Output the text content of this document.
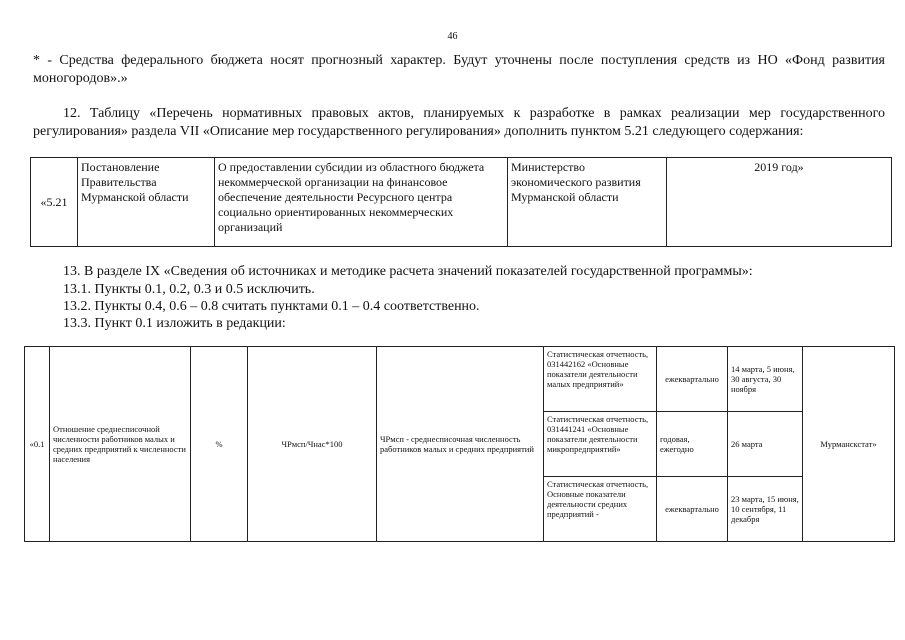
46
* - Средства федерального бюджета носят прогнозный характер. Будут уточнены после поступления средств из НО «Фонд развития моногородов».»
12. Таблицу «Перечень нормативных правовых актов, планируемых к разработке в рамках реализации мер государственного регулирования» раздела VII «Описание мер государственного регулирования» дополнить пунктом 5.21 следующего содержания:
«5.21	Постановление Правительства Мурманской области	О предоставлении субсидии из областного бюджета некоммерческой организации на финансовое обеспечение деятельности Ресурсного центра социально ориентированных некоммерческих организаций	Министерство экономического развития Мурманской области	2019 год»
13. В разделе IX «Сведения об источниках и методике расчета значений показателей государственной программы»:
13.1. Пункты 0.1, 0.2, 0.3 и 0.5 исключить.
13.2. Пункты 0.4, 0.6 – 0.8 считать пунктами 0.1 – 0.4 соответственно.
13.3. Пункт 0.1 изложить в редакции:
«0.1	Отношение среднесписочной численности работников малых и средних предприятий к численности населения	%	ЧРмсп/Чнас*100	ЧРмсп - среднесписочная численность работников малых и средних предприятий	Статистическая отчетность, 031442162 «Основные показатели деятельности малых предприятий»	ежеквартально	14 марта, 5 июня, 30 августа, 30 ноября	Мурманскстат»
					Статистическая отчетность, 031441241 «Основные показатели деятельности микропредприятий»	годовая, ежегодно	26 марта	
					Статистическая отчетность, Основные показатели деятельности средних предприятий -	ежеквартально	23 марта, 15 июня, 10 сентября, 11 декабря	
